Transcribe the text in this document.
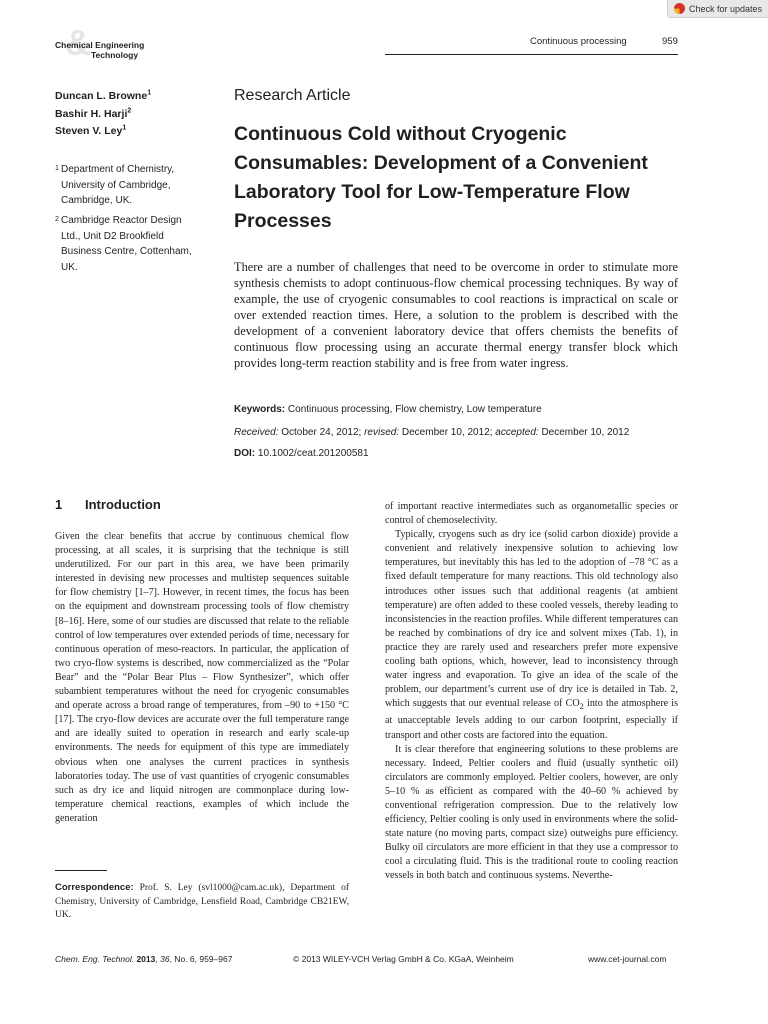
Check for updates
&
Chemical Engineering
Technology
Continuous processing	959
Duncan L. Browne$^1$
Bashir H. Harji$^2$
Steven V. Ley$^1$
1 Department of Chemistry,
University of Cambridge,
Cambridge, UK.
2 Cambridge Reactor Design
Ltd., Unit D2 Brookfield
Business Centre, Cottenham,
UK.
Research Article
Continuous Cold without Cryogenic
Consumables: Development of a Convenient
Laboratory Tool for Low-Temperature Flow
Processes

There are a number of challenges that need to be overcome in order to stimulate more synthesis chemists to adopt continuous-flow chemical processing techniques. By way of example, the use of cryogenic consumables to cool reactions is impractical on scale or over extended reaction times. Here, a solution to the problem is described with the development of a convenient laboratory device that offers chemists the benefits of continuous flow processing using an accurate thermal energy transfer block which provides long-term reaction stability and is free from water ingress.

Keywords: Continuous processing, Flow chemistry, Low temperature
Received: October 24, 2012; revised: December 10, 2012; accepted: December 10, 2012
DOI: 10.1002/ceat.201200581
1 Introduction

Given the clear benefits that accrue by continuous chemical flow processing, at all scales, it is surprising that the technique is still underutilized. For our part in this area, we have been primarily interested in devising new processes and multistep sequences suitable for flow chemistry [1–7]. However, in recent times, the focus has been on the equipment and downstream processing tools of flow chemistry [8–16]. Here, some of our studies are discussed that relate to the reliable control of low temperatures over extended periods of time, necessary for continuous operation of meso-reactors. In particular, the application of two cryo-flow systems is described, now commercialized as the “Polar Bear” and the “Polar Bear Plus – Flow Synthesizer”, which offer subambient temperatures without the need for cryogenic consumables and operate across a broad range of temperatures, from –90 to +150 °C [17]. The cryo-flow devices are accurate over the full temperature range and are ideally suited to operation in research and early scale-up environments. The needs for equipment of this type are immediately obvious when one analyses the current practices in synthesis laboratories today. The use of vast quantities of cryogenic consumables such as dry ice and liquid nitrogen are commonplace during low-temperature chemical reactions, examples of which include the generation

of important reactive intermediates such as organometallic species or control of chemoselectivity.

Typically, cryogens such as dry ice (solid carbon dioxide) provide a convenient and relatively inexpensive solution to achieving low temperatures, but inevitably this has led to the adoption of –78 °C as a fixed default temperature for many reactions. This old technology also introduces other issues such that additional reagents (at ambient temperature) are often added to these cooled vessels, thereby leading to inconsistencies in the reaction profiles. While different temperatures can be reached by combinations of dry ice and solvent mixes (Tab. 1), in practice they are rarely used and researchers prefer more expensive cooling bath options, which, however, lead to inconsistency through water ingress and evaporation. To give an idea of the scale of the problem, our department’s current use of dry ice is detailed in Tab. 2, which suggests that our eventual release of $CO_2$ into the atmosphere is at unacceptable levels adding to our carbon footprint, especially if transport and other costs are factored into the equation.

It is clear therefore that engineering solutions to these problems are necessary. Indeed, Peltier coolers and fluid (usually synthetic oil) circulators are commonly employed. Peltier coolers, however, are only 5–10 % as efficient as compared with the 40–60 % achieved by conventional refrigeration compression. Due to the relatively low efficiency, Peltier cooling is only used in environments where the solid-state nature (no moving parts, compact size) outweighs pure efficiency. Bulky oil circulators are more efficient in that they use a compressor to cool a circulating fluid. This is the traditional route to cooling reaction vessels in both batch and continuous systems. Neverthe-

Correspondence: Prof. S. Ley (svl1000@cam.ac.uk), Department of Chemistry, University of Cambridge, Lensfield Road, Cambridge CB21EW, UK.
Chem. Eng. Technol. 2013, 36, No. 6, 959–967	© 2013 WILEY-VCH Verlag GmbH & Co. KGaA, Weinheim	www.cet-journal.com
